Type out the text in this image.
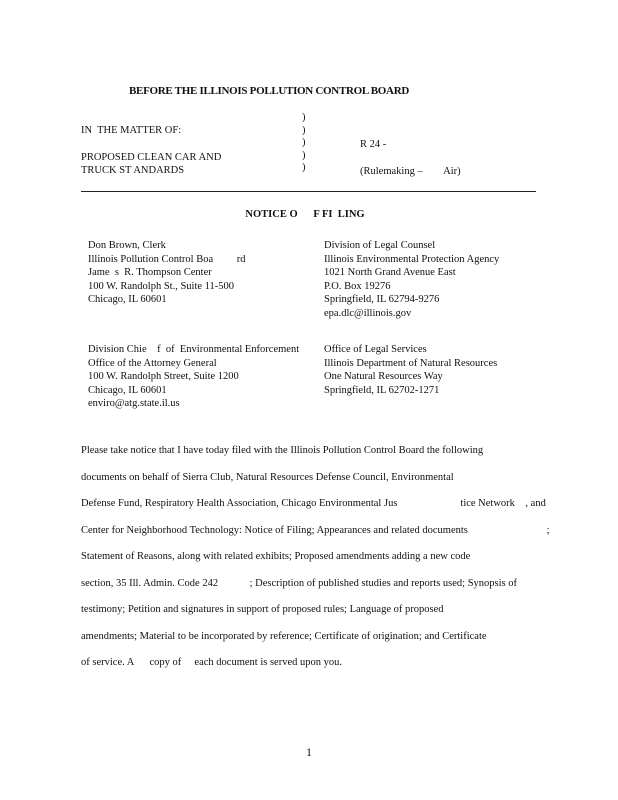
BEFORE THE ILLINOIS POLLUTION CONTROL BOARD
)
)
)
)
)
IN  THE MATTER OF:
PROPOSED CLEAN CAR AND
TRUCK ST ANDARDS
R 24 -
(Rulemaking –        Air)
NOTICE O      F FI  LING
Don Brown, Clerk
Illinois Pollution Control Boa         rd
Jame  s  R. Thompson Center
100 W. Randolph St., Suite 11-500
Chicago, IL 60601
Division of Legal Counsel
Illinois Environmental Protection Agency
1021 North Grand Avenue East
P.O. Box 19276
Springfield, IL 62794-9276
epa.dlc@illinois.gov
Division Chie    f  of  Environmental Enforcement
Office of the Attorney General
100 W. Randolph Street, Suite 1200
Chicago, IL 60601
enviro@atg.state.il.us
Office of Legal Services
Illinois Department of Natural Resources
One Natural Resources Way
Springfield, IL 62702-1271
Please take notice that I have today filed with the Illinois Pollution Control Board the following
documents on behalf of Sierra Club, Natural Resources Defense Council, Environmental
Defense Fund, Respiratory Health Association, Chicago Environmental Jus                        tice Network    , and
Center for Neighborhood Technology: Notice of Filing; Appearances and related documents                              ;
Statement of Reasons, along with related exhibits; Proposed amendments adding a new code
section, 35 Ill. Admin. Code 242            ; Description of published studies and reports used; Synopsis of
testimony; Petition and signatures in support of proposed rules; Language of proposed
amendments; Material to be incorporated by reference; Certificate of origination; and Certificate
of service. A      copy of     each document is served upon you.
1
